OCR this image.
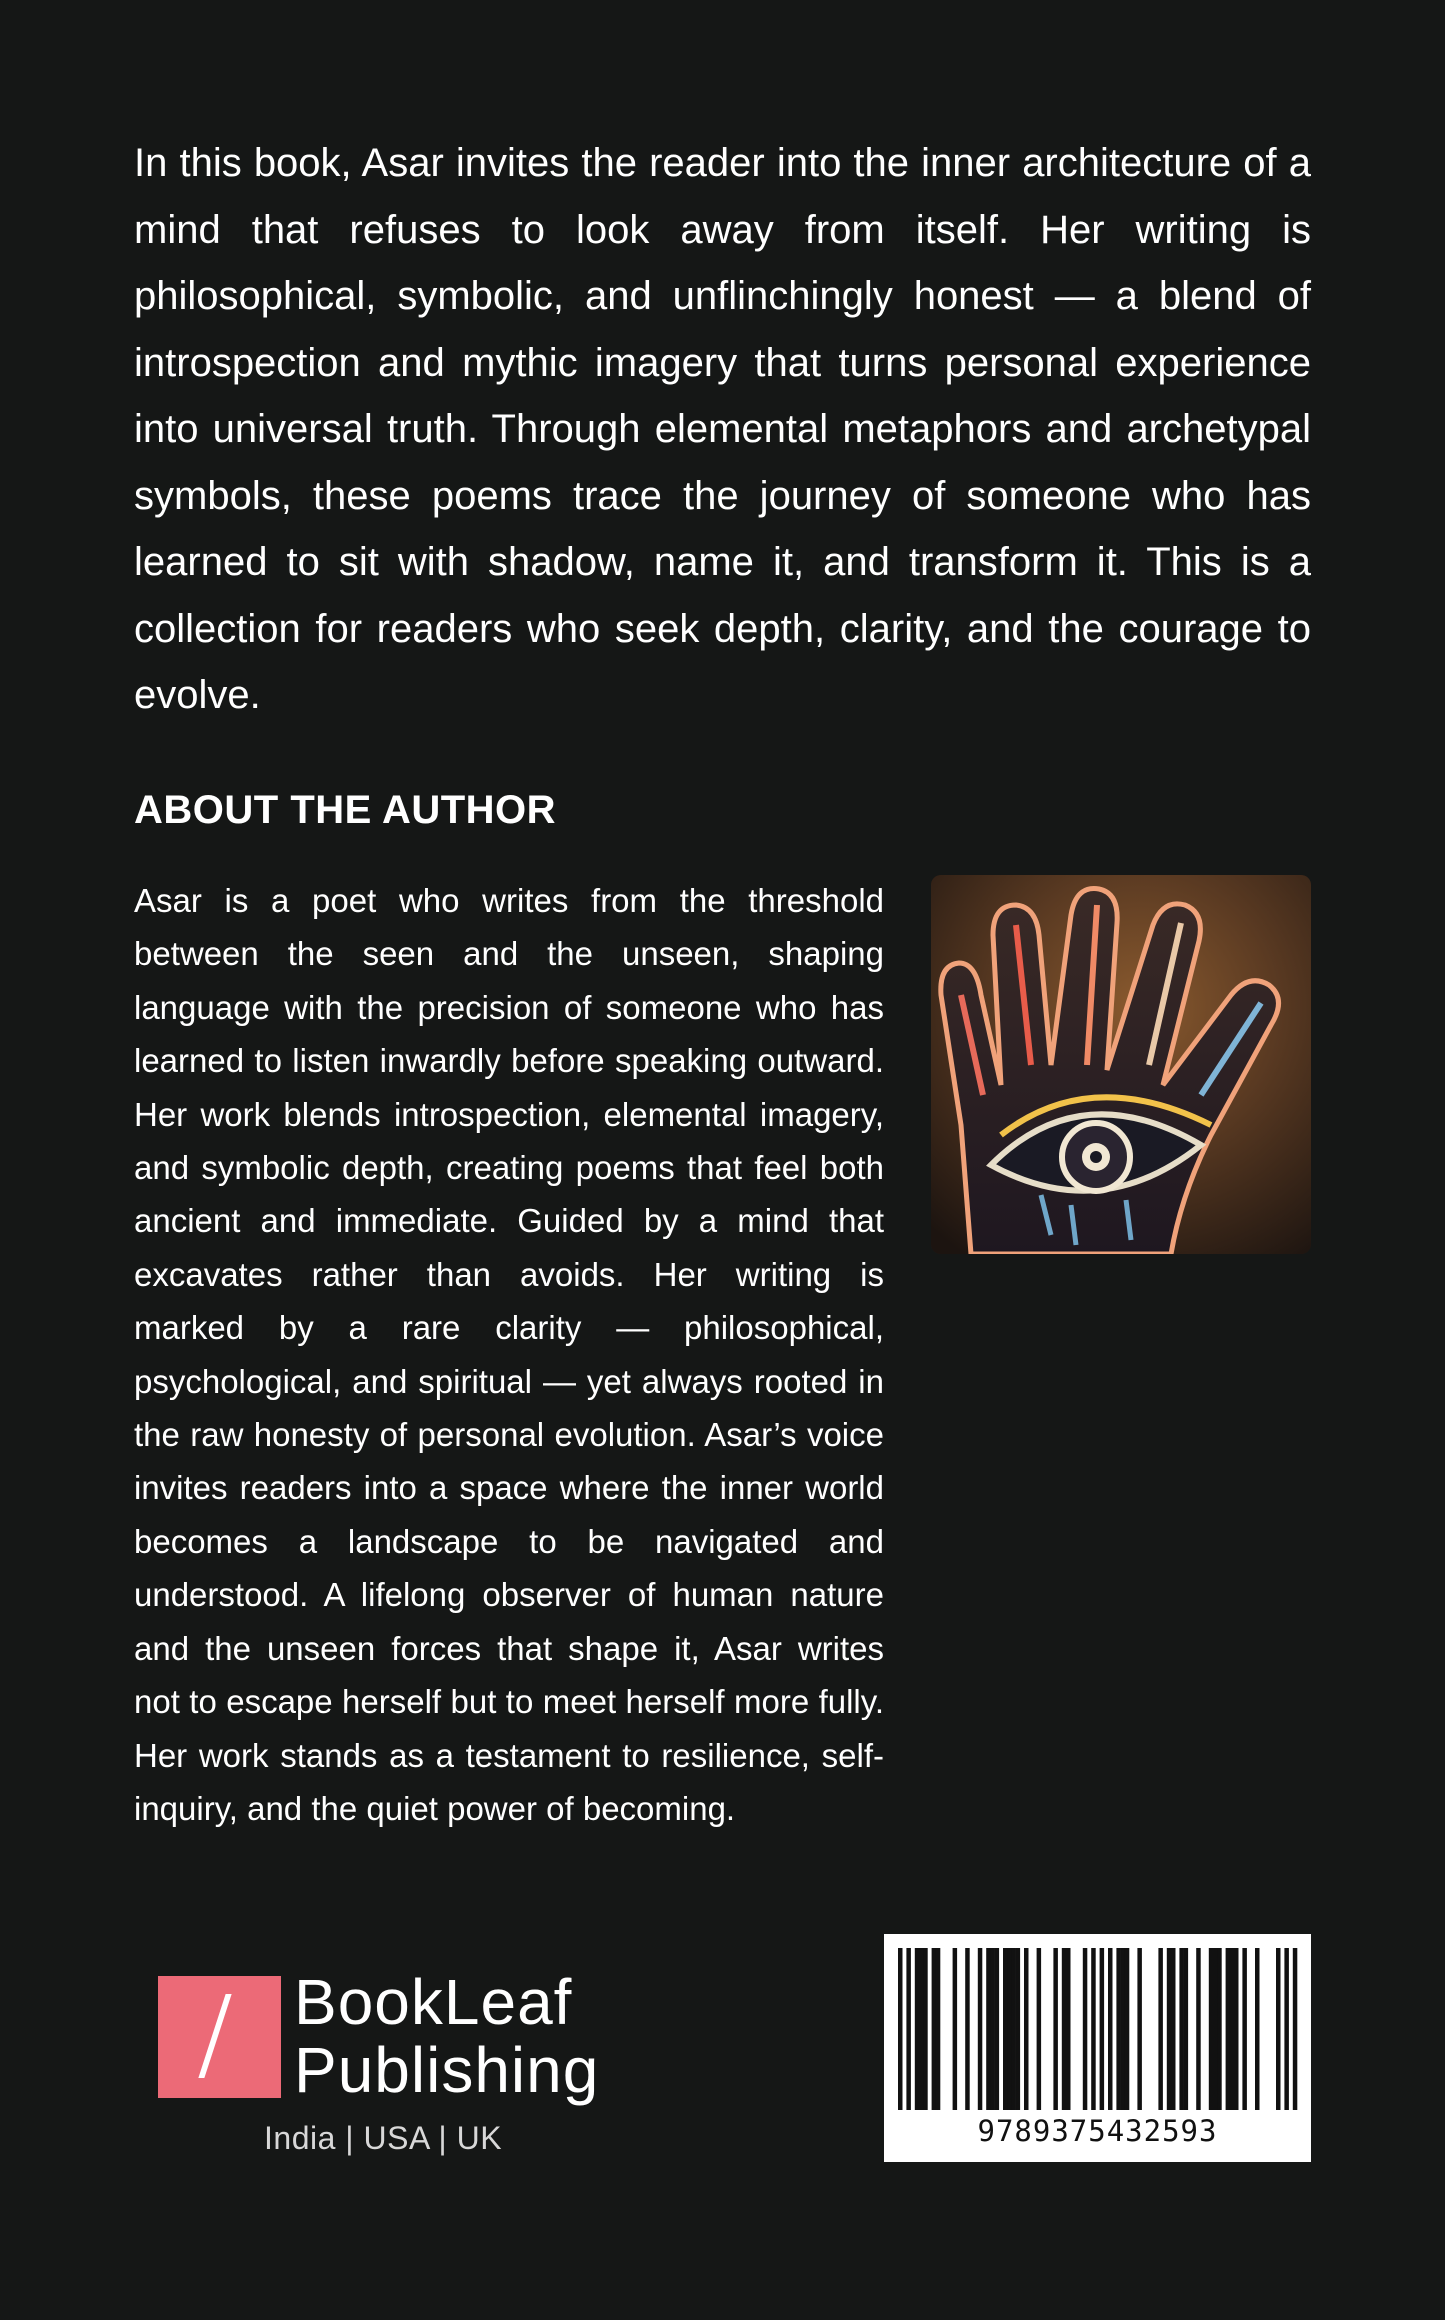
In this book, Asar invites the reader into the inner architecture of a mind that refuses to look away from itself. Her writing is philosophical, symbolic, and unflinchingly honest — a blend of introspection and mythic imagery that turns personal experience into universal truth. Through elemental metaphors and archetypal symbols, these poems trace the journey of someone who has learned to sit with shadow, name it, and transform it. This is a collection for readers who seek depth, clarity, and the courage to evolve.

ABOUT THE AUTHOR

Asar is a poet who writes from the threshold between the seen and the unseen, shaping language with the precision of someone who has learned to listen inwardly before speaking outward. Her work blends introspection, elemental imagery, and symbolic depth, creating poems that feel both ancient and immediate. Guided by a mind that excavates rather than avoids. Her writing is marked by a rare clarity — philosophical, psychological, and spiritual — yet always rooted in the raw honesty of personal evolution. Asar’s voice invites readers into a space where the inner world becomes a landscape to be navigated and understood. A lifelong observer of human nature and the unseen forces that shape it, Asar writes not to escape herself but to meet herself more fully. Her work stands as a testament to resilience, self-inquiry, and the quiet power of becoming.

BookLeaf
Publishing
India | USA | UK	9789375432593
